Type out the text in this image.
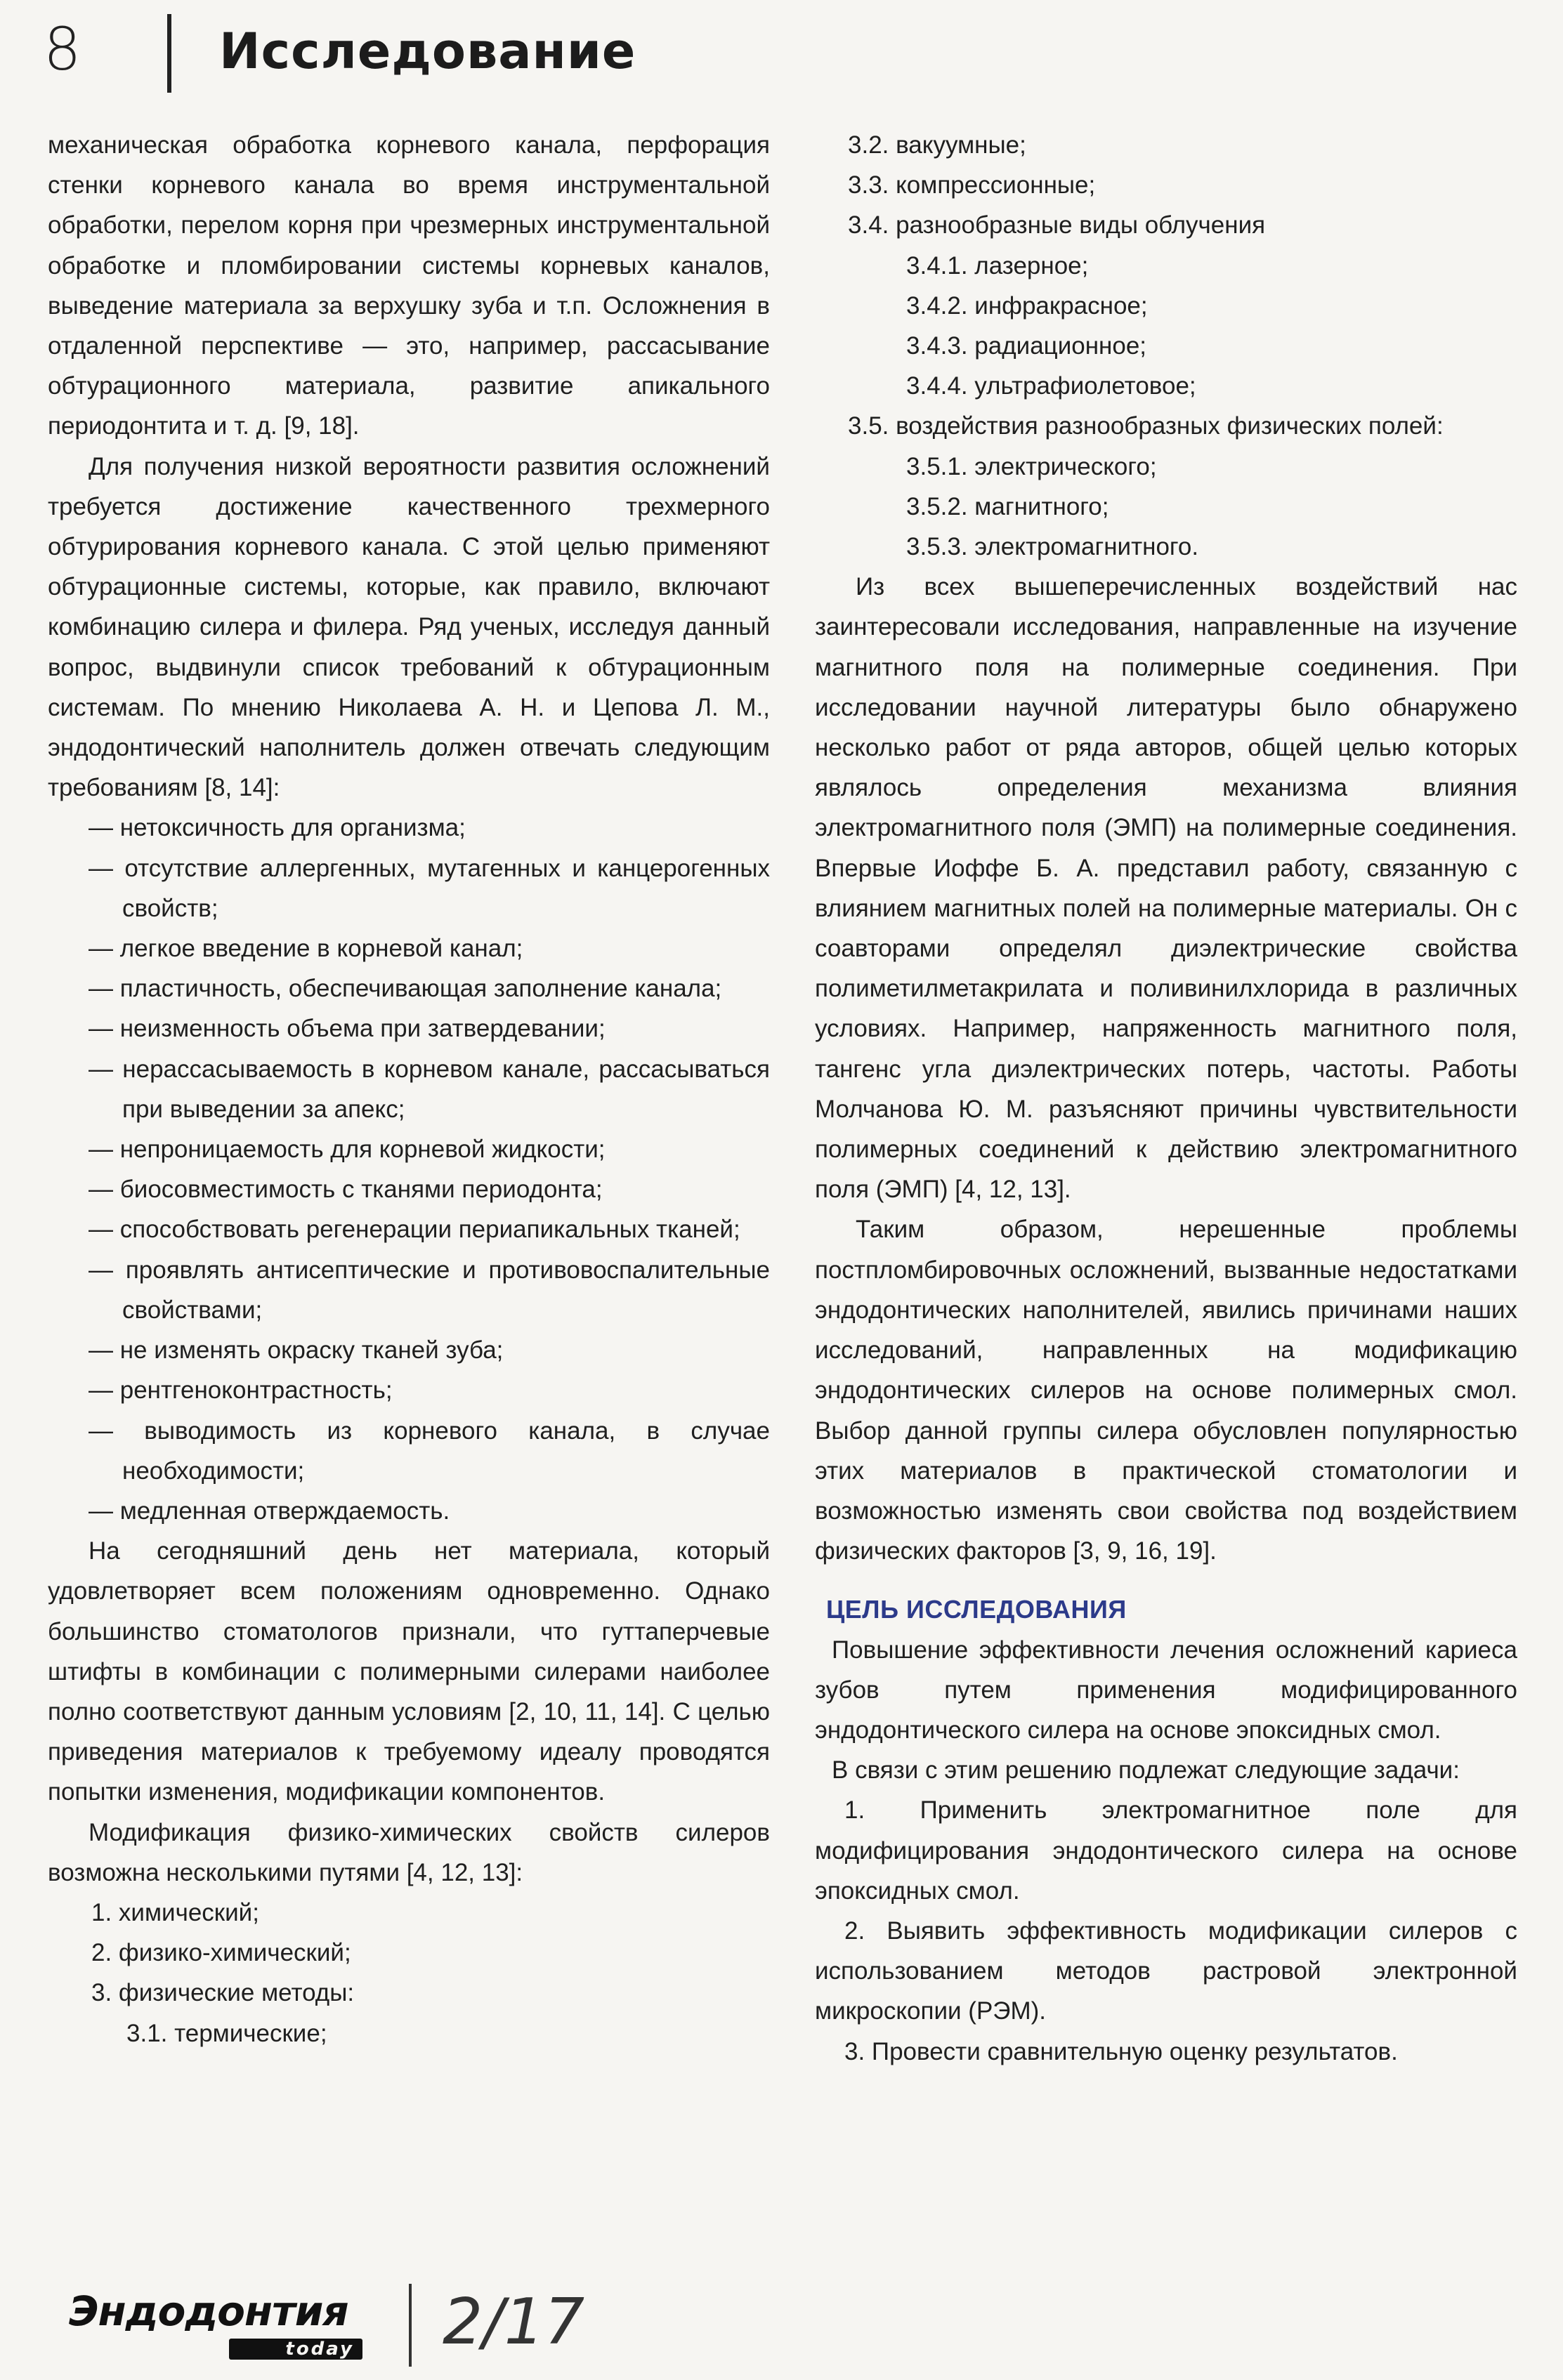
8	Исследование

механическая обработка корневого канала, перфорация стенки корневого канала во время инструментальной обработки, перелом корня при чрезмерных инструментальной обработке и пломбировании системы корневых каналов, выведение материала за верхушку зуба и т.п. Осложнения в отдаленной перспективе — это, например, рассасывание обтурационного материала, развитие апикального периодонтита и т. д. [9, 18].

Для получения низкой вероятности развития осложнений требуется достижение качественного трехмерного обтурирования корневого канала. С этой целью применяют обтурационные системы, которые, как правило, включают комбинацию силера и филера. Ряд ученых, исследуя данный вопрос, выдвинули список требований к обтурационным системам. По мнению Николаева А. Н. и Цепова Л. М., эндодонтический наполнитель должен отвечать следующим требованиям [8, 14]:

— нетоксичность для организма;

— отсутствие аллергенных, мутагенных и канцерогенных свойств;

— легкое введение в корневой канал;

— пластичность, обеспечивающая заполнение канала;

— неизменность объема при затвердевании;

— нерассасываемость в корневом канале, рассасываться при выведении за апекс;

— непроницаемость для корневой жидкости;

— биосовместимость с тканями периодонта;

— способствовать регенерации периапикальных тканей;

— проявлять антисептические и противовоспалительные свойствами;

— не изменять окраску тканей зуба;

— рентгеноконтрастность;

— выводимость из корневого канала, в случае необходимости;

— медленная отверждаемость.

На сегодняшний день нет материала, который удовлетворяет всем положениям одновременно. Однако большинство стоматологов признали, что гуттаперчевые штифты в комбинации с полимерными силерами наиболее полно соответствуют данным условиям [2, 10, 11, 14]. С целью приведения материалов к требуемому идеалу проводятся попытки изменения, модификации компонентов.

Модификация физико-химических свойств силеров возможна несколькими путями [4, 12, 13]:

1. химический;

2. физико-химический;

3. физические методы:

3.1. термические;

3.2. вакуумные;

3.3. компрессионные;

3.4. разнообразные виды облучения

3.4.1. лазерное;

3.4.2. инфракрасное;

3.4.3. радиационное;

3.4.4. ультрафиолетовое;

3.5. воздействия разнообразных физических полей:

3.5.1. электрического;

3.5.2. магнитного;

3.5.3. электромагнитного.

Из всех вышеперечисленных воздействий нас заинтересовали исследования, направленные на изучение магнитного поля на полимерные соединения. При исследовании научной литературы было обнаружено несколько работ от ряда авторов, общей целью которых являлось определения механизма влияния электромагнитного поля (ЭМП) на полимерные соединения. Впервые Иоффе Б. А. представил работу, связанную с влиянием магнитных полей на полимерные материалы. Он с соавторами определял диэлектрические свойства полиметилметакрилата и поливинилхлорида в различных условиях. Например, напряженность магнитного поля, тангенс угла диэлектрических потерь, частоты. Работы Молчанова Ю. М. разъясняют причины чувствительности полимерных соединений к действию электромагнитного поля (ЭМП) [4, 12, 13].

Таким образом, нерешенные проблемы постпломбировочных осложнений, вызванные недостатками эндодонтических наполнителей, явились причинами наших исследований, направленных на модификацию эндодонтических силеров на основе полимерных смол. Выбор данной группы силера обусловлен популярностью этих материалов в практической стоматологии и возможностью изменять свои свойства под воздействием физических факторов [3, 9, 16, 19].

ЦЕЛЬ ИССЛЕДОВАНИЯ

Повышение эффективности лечения осложнений кариеса зубов путем применения модифицированного эндодонтического силера на основе эпоксидных смол.

В связи с этим решению подлежат следующие задачи:

1. Применить электромагнитное поле для модифицирования эндодонтического силера на основе эпоксидных смол.

2. Выявить эффективность модификации силеров с использованием методов растровой электронной микроскопии (РЭМ).

3. Провести сравнительную оценку результатов.

Эндодонтия
today 2/17
